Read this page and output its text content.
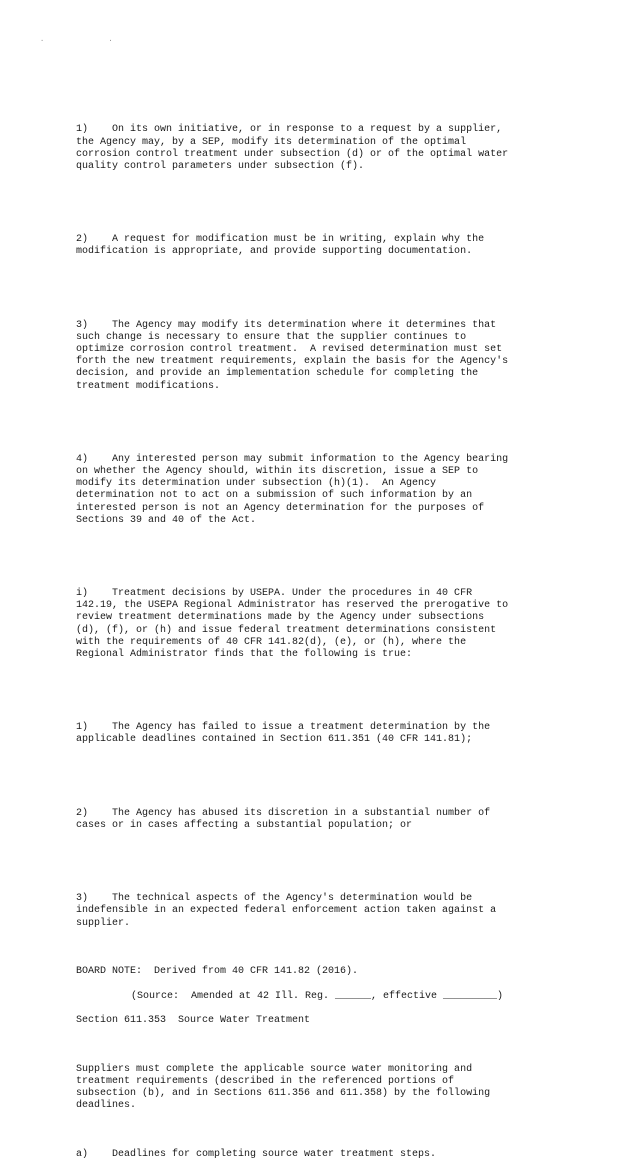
. .

1)    On its own initiative, or in response to a request by a supplier,
the Agency may, by a SEP, modify its determination of the optimal
corrosion control treatment under subsection (d) or of the optimal water
quality control parameters under subsection (f).

2)    A request for modification must be in writing, explain why the
modification is appropriate, and provide supporting documentation.

3)    The Agency may modify its determination where it determines that
such change is necessary to ensure that the supplier continues to
optimize corrosion control treatment.  A revised determination must set
forth the new treatment requirements, explain the basis for the Agency's
decision, and provide an implementation schedule for completing the
treatment modifications.

4)    Any interested person may submit information to the Agency bearing
on whether the Agency should, within its discretion, issue a SEP to
modify its determination under subsection (h)(1).  An Agency
determination not to act on a submission of such information by an
interested person is not an Agency determination for the purposes of
Sections 39 and 40 of the Act.

i)    Treatment decisions by USEPA. Under the procedures in 40 CFR
142.19, the USEPA Regional Administrator has reserved the prerogative to
review treatment determinations made by the Agency under subsections
(d), (f), or (h) and issue federal treatment determinations consistent
with the requirements of 40 CFR 141.82(d), (e), or (h), where the
Regional Administrator finds that the following is true:

1)    The Agency has failed to issue a treatment determination by the
applicable deadlines contained in Section 611.351 (40 CFR 141.81);

2)    The Agency has abused its discretion in a substantial number of
cases or in cases affecting a substantial population; or

3)    The technical aspects of the Agency's determination would be
indefensible in an expected federal enforcement action taken against a
supplier.

BOARD NOTE:  Derived from 40 CFR 141.82 (2016).

(Source:  Amended at 42 Ill. Reg. ______, effective _________)

Section 611.353  Source Water Treatment

Suppliers must complete the applicable source water monitoring and
treatment requirements (described in the referenced portions of
subsection (b), and in Sections 611.356 and 611.358) by the following
deadlines.

a)    Deadlines for completing source water treatment steps.
